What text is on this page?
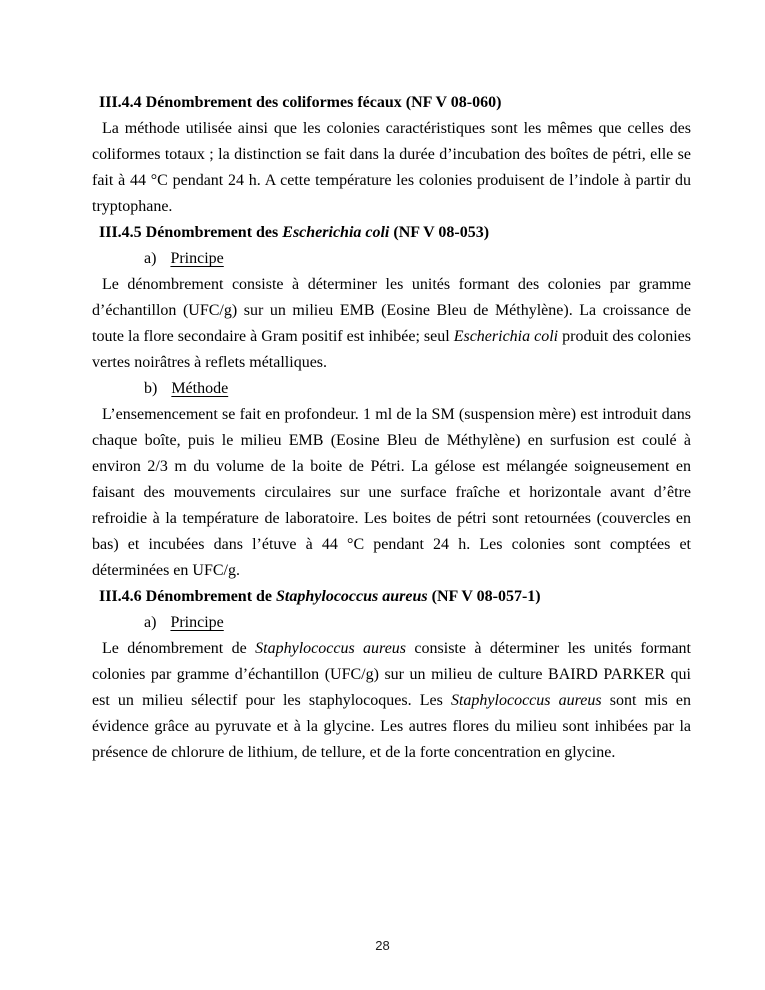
III.4.4 Dénombrement des coliformes fécaux (NF V 08-060)

La méthode utilisée ainsi que les colonies caractéristiques sont les mêmes que celles des coliformes totaux ; la distinction se fait dans la durée d’incubation des boîtes de pétri, elle se fait à 44 °C pendant 24 h. A cette température les colonies produisent de l’indole à partir du tryptophane.

III.4.5 Dénombrement des Escherichia coli (NF V 08-053)

a) Principe

Le dénombrement consiste à déterminer les unités formant des colonies par gramme d’échantillon (UFC/g) sur un milieu EMB (Eosine Bleu de Méthylène). La croissance de toute la flore secondaire à Gram positif est inhibée; seul Escherichia coli produit des colonies vertes noirâtres à reflets métalliques.

b) Méthode

L’ensemencement se fait en profondeur. 1 ml de la SM (suspension mère) est introduit dans chaque boîte, puis le milieu EMB (Eosine Bleu de Méthylène) en surfusion est coulé à environ 2/3 m du volume de la boite de Pétri. La gélose est mélangée soigneusement en faisant des mouvements circulaires sur une surface fraîche et horizontale avant d’être refroidie à la température de laboratoire. Les boites de pétri sont retournées (couvercles en bas) et incubées dans l’étuve à 44 °C pendant 24 h. Les colonies sont comptées et déterminées en UFC/g.

III.4.6 Dénombrement de Staphylococcus aureus (NF V 08-057-1)

a) Principe

Le dénombrement de Staphylococcus aureus consiste à déterminer les unités formant colonies par gramme d’échantillon (UFC/g) sur un milieu de culture BAIRD PARKER qui est un milieu sélectif pour les staphylocoques. Les Staphylococcus aureus sont mis en évidence grâce au pyruvate et à la glycine. Les autres flores du milieu sont inhibées par la présence de chlorure de lithium, de tellure, et de la forte concentration en glycine.

28
